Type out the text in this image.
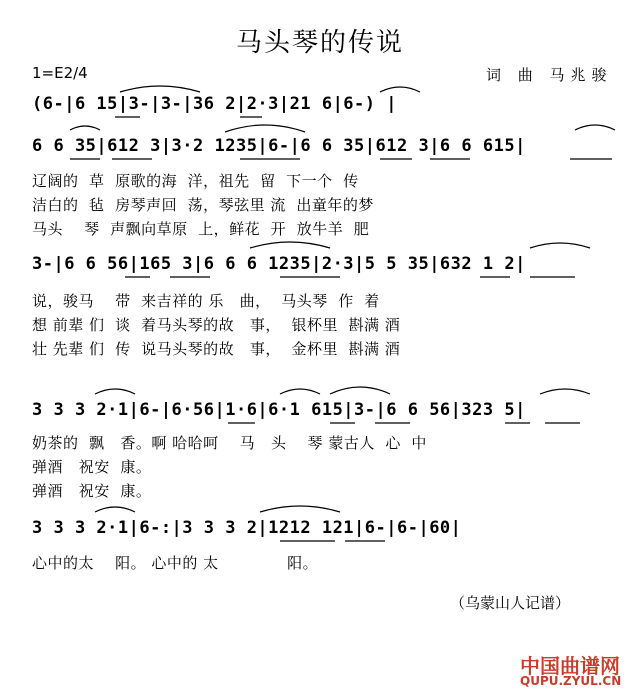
马头琴的传说
1=E2/4	词 曲 马兆骏
(6-|6 15|3-|3-|36 2|2·3|21 6|6-) |
6 6 35|612 3|3·2 1235|6-|6 6 35|612 3|6 6 615|
辽阔的  草  原歌的海  洋，祖先  留  下一个  传
洁白的  毡  房琴声回  荡，琴弦里 流  出童年的梦
马头    琴  声飘向草原  上，鲜花  开  放牛羊  肥
3-|6 6 56|165 3|6 6 6 1235|2·3|5 5 35|632 1 2|
说，骏马    带  来吉祥的 乐   曲，  马头琴  作  着
想 前辈 们  谈  着马头琴的故   事，  银杯里  斟满 酒
壮 先辈 们  传  说马头琴的故   事，  金杯里  斟满 酒
3 3 3 2·1|6-|6·56|1·6|6·1 615|3-|6 6 56|323 5|
奶茶的  飘   香。啊 哈哈呵    马   头    琴 蒙古人  心  中
弹酒   祝安  康。
弹酒   祝安  康。
3 3 3 2·1|6-:|3 3 3 2|1212 121|6-|6-|60|
心中的太    阳。 心中的 太             阳。
（乌蒙山人记谱）
中国曲谱网
QUPU.ZYUL.CN
